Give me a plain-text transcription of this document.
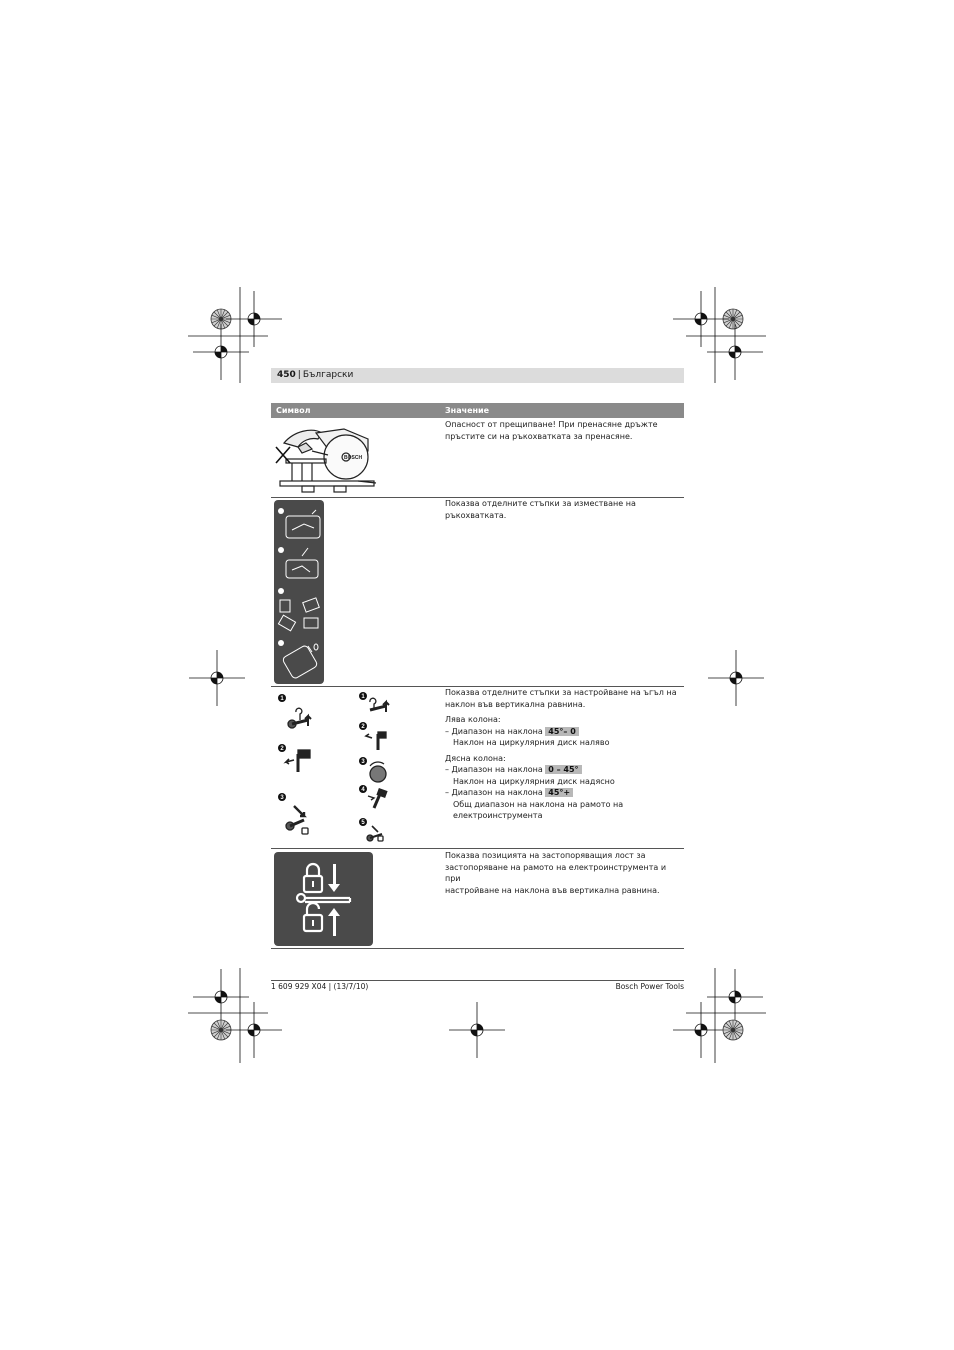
450 | Български
Символ	Значение
BOSCH

Опасност от прещипване! При пренасяне дръжте

пръстите си на ръкохватката за пренасяне.

Показва отделните стъпки за изместване на

ръкохватката.

1
2
3
1
2
3
4
5

Показва отделните стъпки за настройване на ъгъл на

наклон във вертикална равнина.

Лява колона:

– Диапазон на наклона 45°– 0

Наклон на циркулярния диск наляво

Дясна колона:

– Диапазон на наклона 0 – 45°

Наклон на циркулярния диск надясно

– Диапазон на наклона 45°+

Общ диапазон на наклона на рамото на

електроинструмента

Показва позицията на застопоряващия лост за

застопоряване на рамото на електроинструмента и при

настройване на наклона във вертикална равнина.

1 609 929 X04 | (13/7/10)	Bosch Power Tools
